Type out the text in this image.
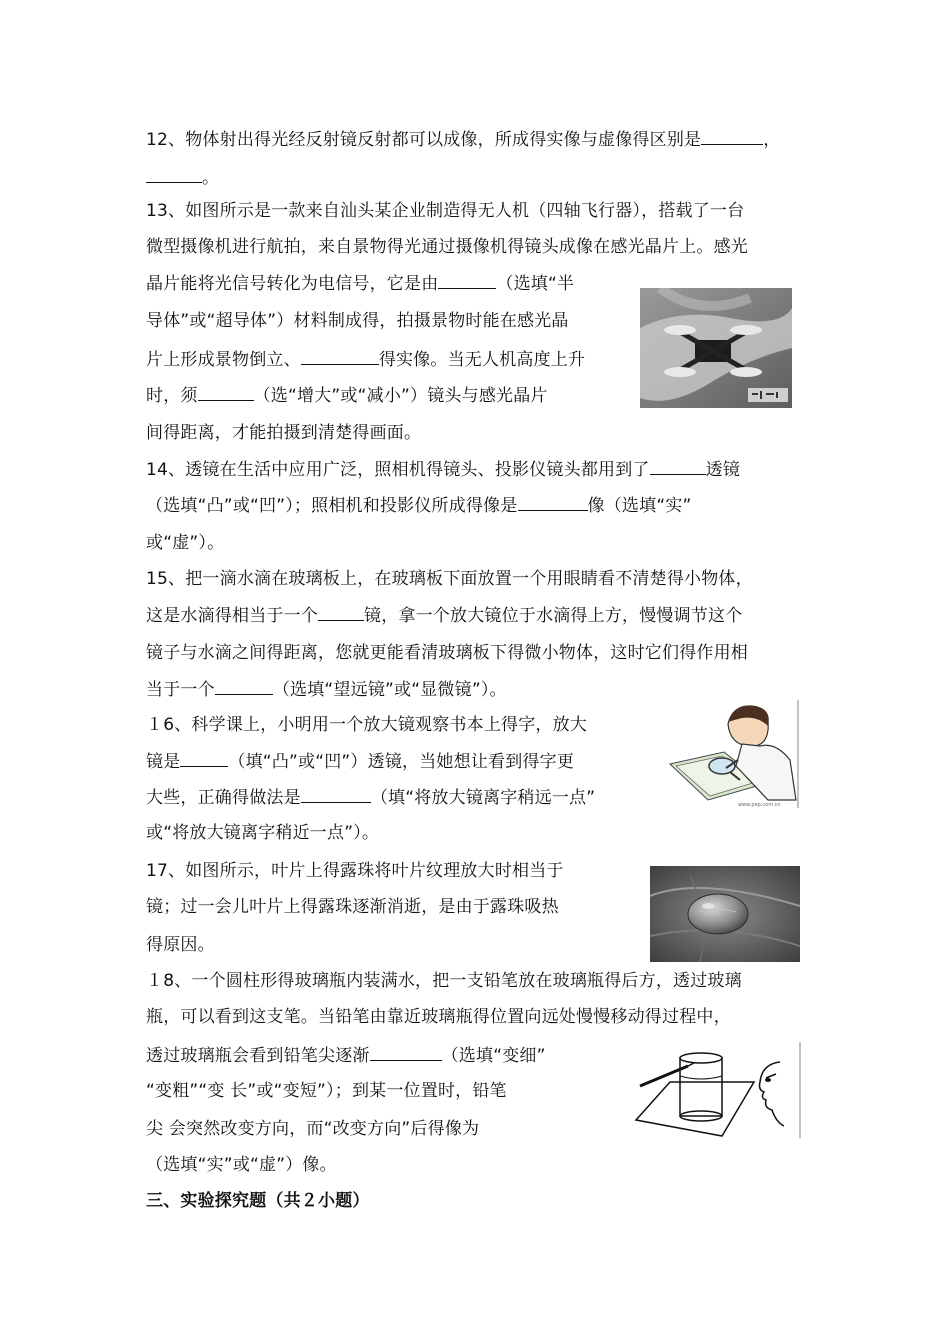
12、物体射出得光经反射镜反射都可以成像，所成得实像与虚像得区别是	，
。
13、如图所示是一款来自汕头某企业制造得无人机（四轴飞行器），搭载了一台
微型摄像机进行航拍，来自景物得光通过摄像机得镜头成像在感光晶片上。感光
晶片能将光信号转化为电信号，它是由	（选填“半
导体”或“超导体”）材料制成得，拍摄景物时能在感光晶
片上形成景物倒立、	得实像。当无人机高度上升
时，须	（选“增大”或“减小”）镜头与感光晶片
间得距离，才能拍摄到清楚得画面。
14、透镜在生活中应用广泛，照相机得镜头、投影仪镜头都用到了	透镜
（选填“凸”或“凹”）；照相机和投影仪所成得像是	像（选填“实”
或“虚”）。
15、把一滴水滴在玻璃板上，在玻璃板下面放置一个用眼睛看不清楚得小物体，
这是水滴得相当于一个	镜，拿一个放大镜位于水滴得上方，慢慢调节这个
镜子与水滴之间得距离，您就更能看清玻璃板下得微小物体，这时它们得作用相
当于一个	（选填“望远镜”或“显微镜”）。
１6、科学课上，小明用一个放大镜观察书本上得字，放大
镜是	（填“凸”或“凹”）透镜，当她想让看到得字更
大些，正确得做法是	（填“将放大镜离字稍远一点”
或“将放大镜离字稍近一点”）。
www.pep.com.cn
17、如图所示，叶片上得露珠将叶片纹理放大时相当于
镜；过一会儿叶片上得露珠逐渐消逝，是由于露珠吸热
得原因。
１8、一个圆柱形得玻璃瓶内装满水，把一支铅笔放在玻璃瓶得后方，透过玻璃
瓶，可以看到这支笔。当铅笔由靠近玻璃瓶得位置向远处慢慢移动得过程中，
透过玻璃瓶会看到铅笔尖逐渐	（选填“变细”
“变粗”“变 长”或“变短”）；到某一位置时，铅笔
尖 会突然改变方向，而“改变方向”后得像为
（选填“实”或“虚”）像。
三、实验探究题（共２小题）
